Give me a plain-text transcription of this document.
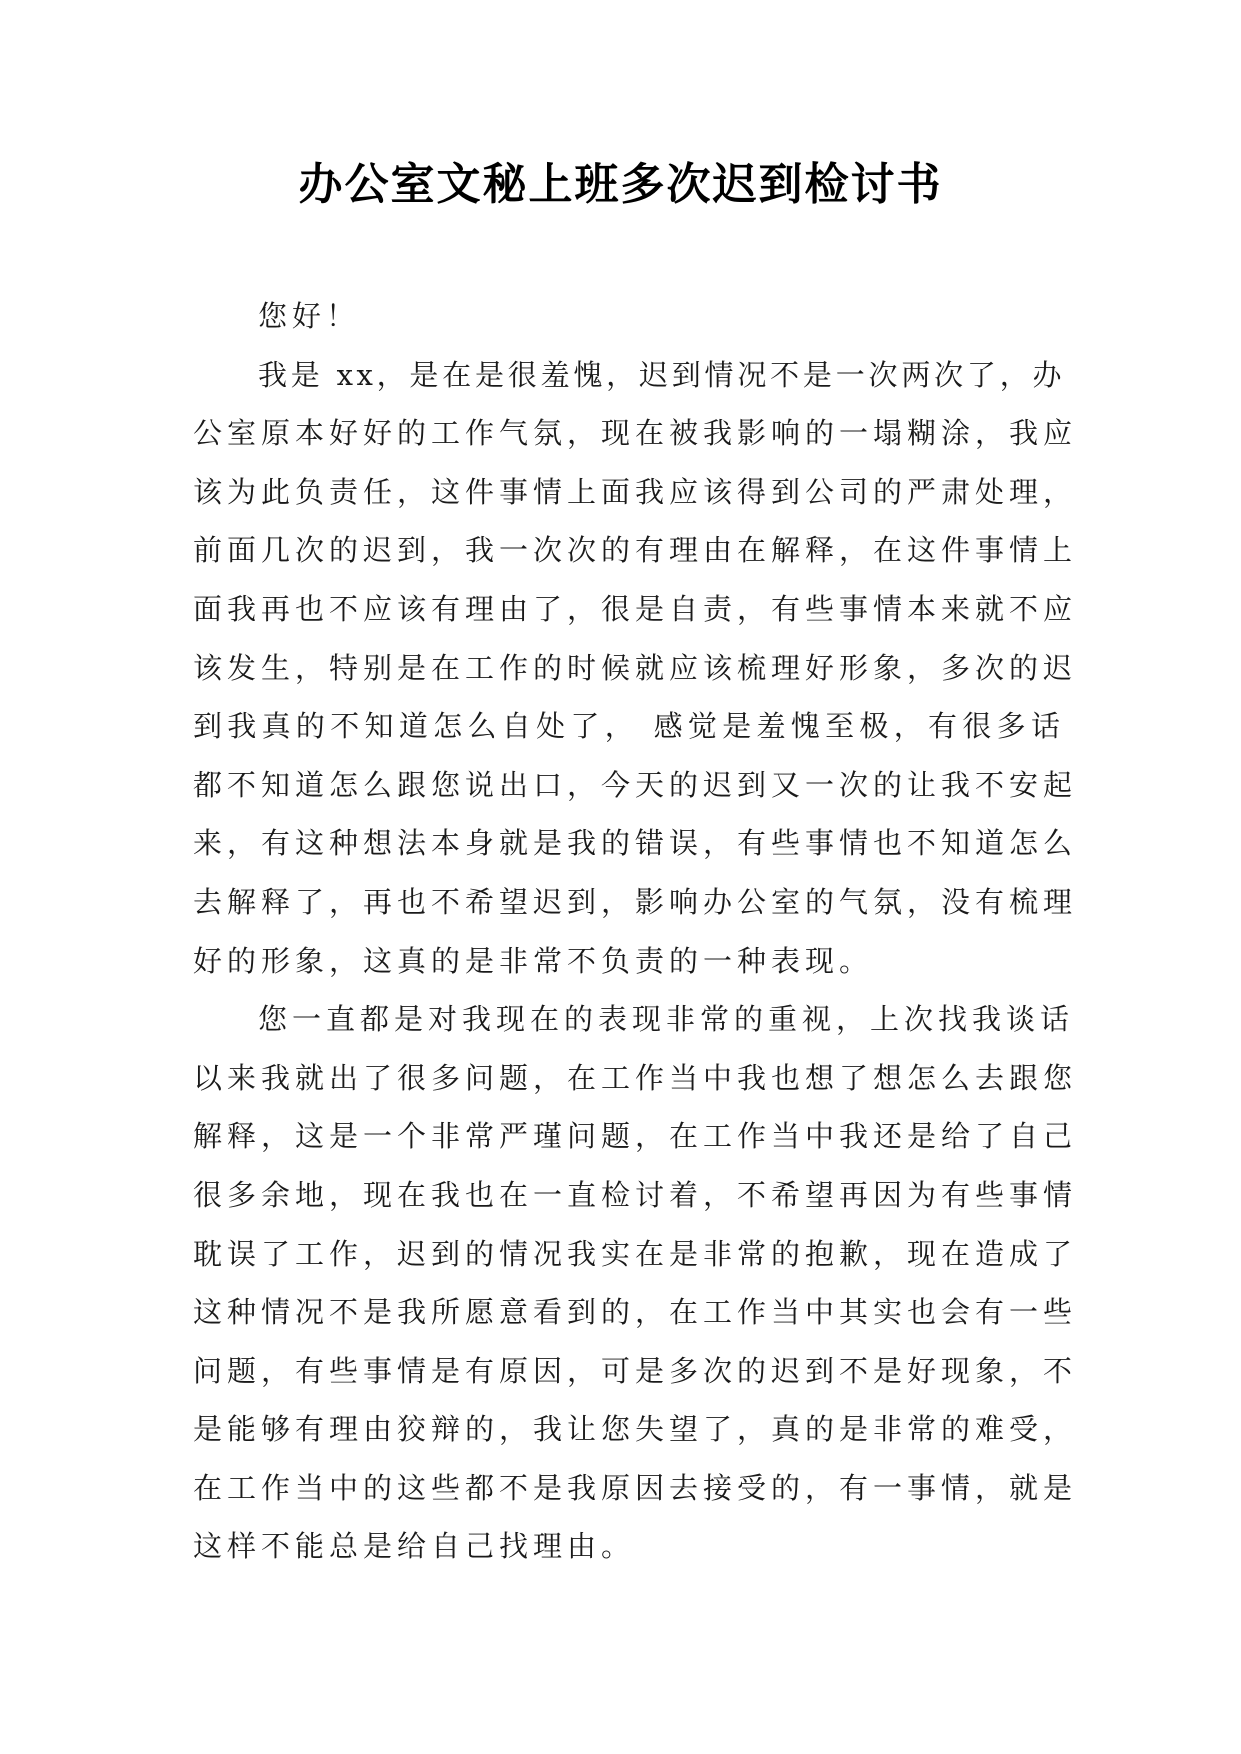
办公室文秘上班多次迟到检讨书
您好！
我是 xx，是在是很羞愧，迟到情况不是一次两次了，办
公室原本好好的工作气氛，现在被我影响的一塌糊涂，我应
该为此负责任，这件事情上面我应该得到公司的严肃处理，
前面几次的迟到，我一次次的有理由在解释，在这件事情上
面我再也不应该有理由了，很是自责，有些事情本来就不应
该发生，特别是在工作的时候就应该梳理好形象，多次的迟
到我真的不知道怎么自处了， 感觉是羞愧至极，有很多话
都不知道怎么跟您说出口，今天的迟到又一次的让我不安起
来，有这种想法本身就是我的错误，有些事情也不知道怎么
去解释了，再也不希望迟到，影响办公室的气氛，没有梳理
好的形象，这真的是非常不负责的一种表现。
您一直都是对我现在的表现非常的重视，上次找我谈话
以来我就出了很多问题，在工作当中我也想了想怎么去跟您
解释，这是一个非常严瑾问题，在工作当中我还是给了自己
很多余地，现在我也在一直检讨着，不希望再因为有些事情
耽误了工作，迟到的情况我实在是非常的抱歉，现在造成了
这种情况不是我所愿意看到的，在工作当中其实也会有一些
问题，有些事情是有原因，可是多次的迟到不是好现象，不
是能够有理由狡辩的，我让您失望了，真的是非常的难受，
在工作当中的这些都不是我原因去接受的，有一事情，就是
这样不能总是给自己找理由。
